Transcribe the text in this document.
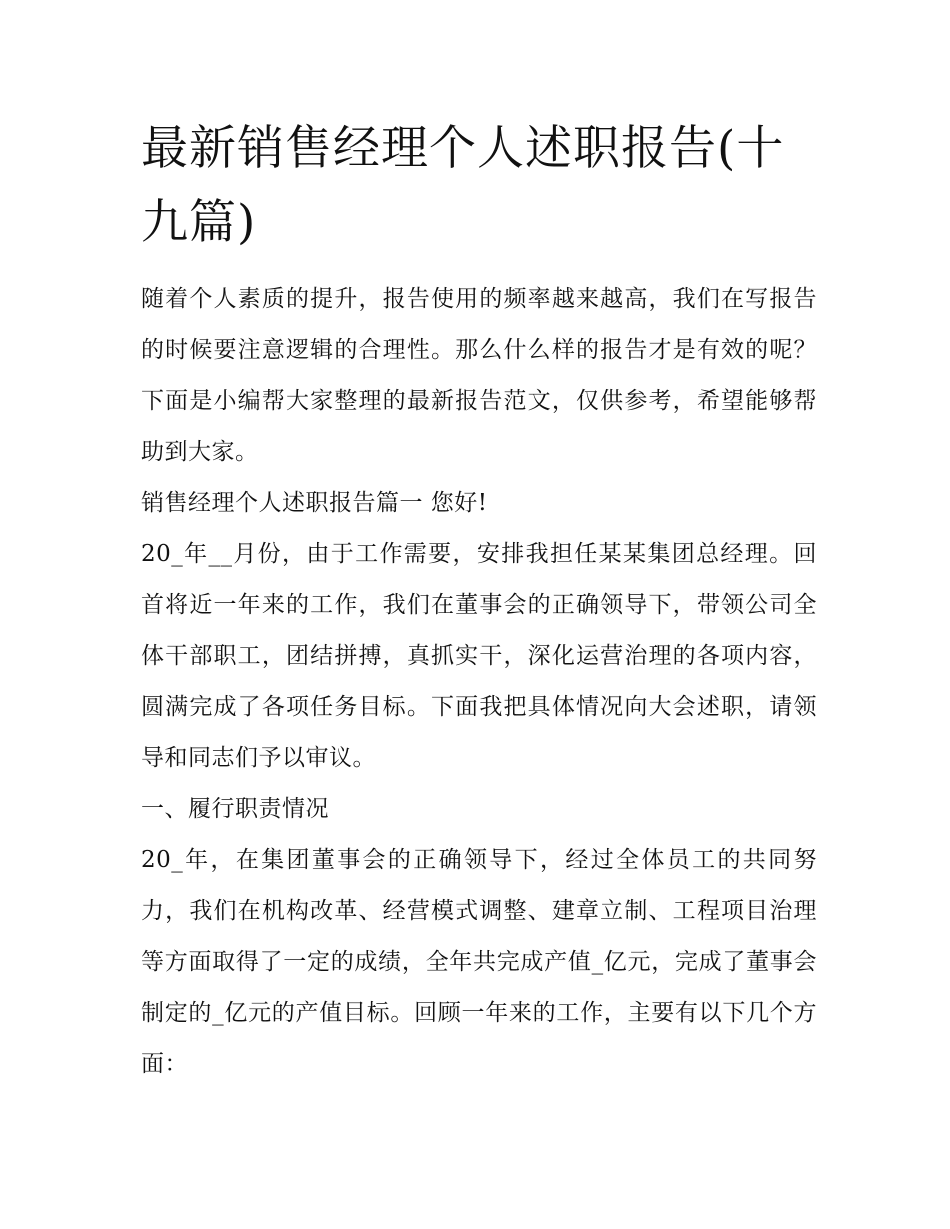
最新销售经理个人述职报告(十九篇)

随着个人素质的提升，报告使用的频率越来越高，我们在写报告的时候要注意逻辑的合理性。那么什么样的报告才是有效的呢？下面是小编帮大家整理的最新报告范文，仅供参考，希望能够帮助到大家。

销售经理个人述职报告篇一 您好!

20_年__月份，由于工作需要，安排我担任某某集团总经理。回首将近一年来的工作，我们在董事会的正确领导下，带领公司全体干部职工，团结拼搏，真抓实干，深化运营治理的各项内容，圆满完成了各项任务目标。下面我把具体情况向大会述职，请领导和同志们予以审议。

一、履行职责情况

20_年，在集团董事会的正确领导下，经过全体员工的共同努力，我们在机构改革、经营模式调整、建章立制、工程项目治理等方面取得了一定的成绩，全年共完成产值_亿元，完成了董事会制定的_亿元的产值目标。回顾一年来的工作，主要有以下几个方面：
